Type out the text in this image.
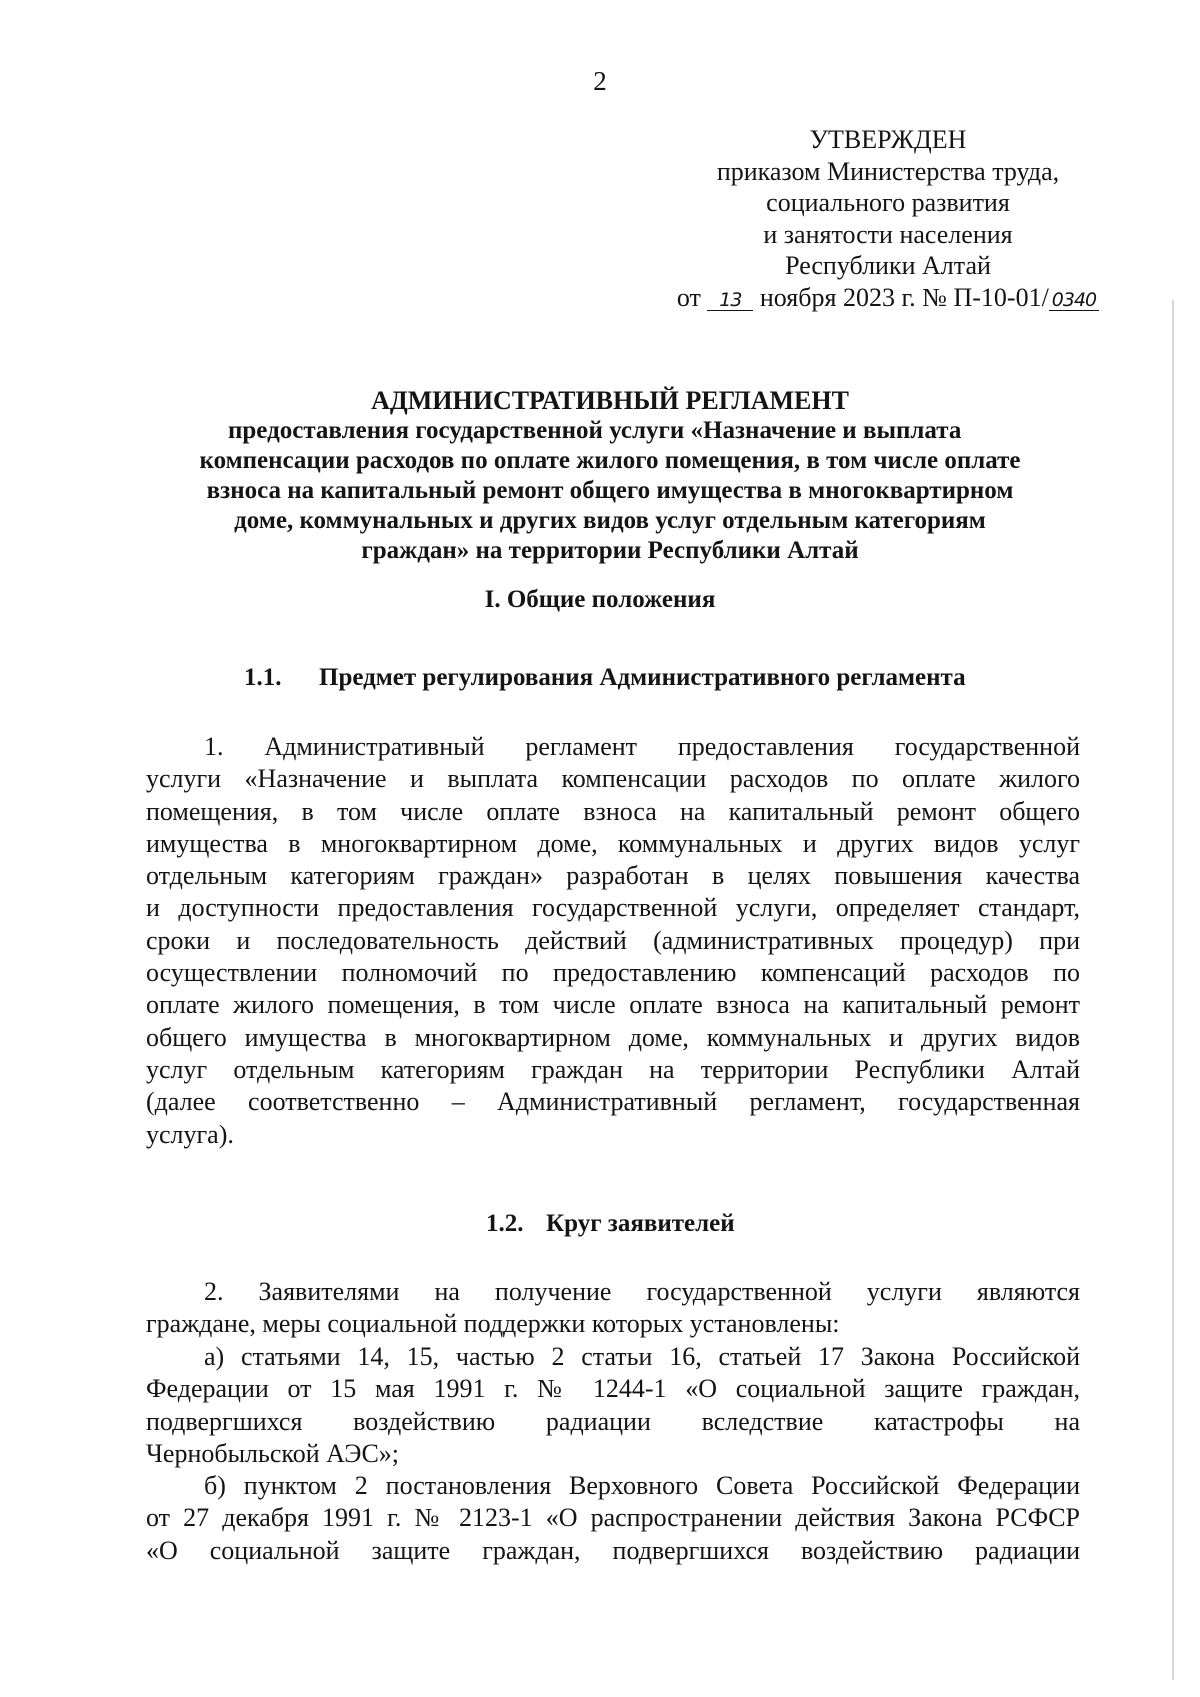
2
УТВЕРЖДЕН
приказом Министерства труда,
социального развития
и занятости населения
Республики Алтай
от 13 ноября 2023 г. № П-10-01/ 0340
АДМИНИСТРАТИВНЫЙ РЕГЛАМЕНТ
предоставления государственной услуги «Назначение и выплата
компенсации расходов по оплате жилого помещения, в том числе оплате
взноса на капитальный ремонт общего имущества в многоквартирном
доме, коммунальных и других видов услуг отдельным категориям
граждан» на территории Республики Алтай
I. Общие положения
1.1. Предмет регулирования Административного регламента
1. Административный регламент предоставления государственной
услуги «Назначение и выплата компенсации расходов по оплате жилого
помещения, в том числе оплате взноса на капитальный ремонт общего
имущества в многоквартирном доме, коммунальных и других видов услуг
отдельным категориям граждан» разработан в целях повышения качества
и доступности предоставления государственной услуги, определяет стандарт,
сроки и последовательность действий (административных процедур) при
осуществлении полномочий по предоставлению компенсаций расходов по
оплате жилого помещения, в том числе оплате взноса на капитальный ремонт
общего имущества в многоквартирном доме, коммунальных и других видов
услуг отдельным категориям граждан на территории Республики Алтай
(далее соответственно – Административный регламент, государственная
услуга).
1.2. Круг заявителей
2. Заявителями на получение государственной услуги являются
граждане, меры социальной поддержки которых установлены:
а) статьями 14, 15, частью 2 статьи 16, статьей 17 Закона Российской
Федерации от 15 мая 1991 г. № 1244-1 «О социальной защите граждан,
подвергшихся воздействию радиации вследствие катастрофы на
Чернобыльской АЭС»;
б) пунктом 2 постановления Верховного Совета Российской Федерации
от 27 декабря 1991 г. № 2123-1 «О распространении действия Закона РСФСР
«О социальной защите граждан, подвергшихся воздействию радиации
